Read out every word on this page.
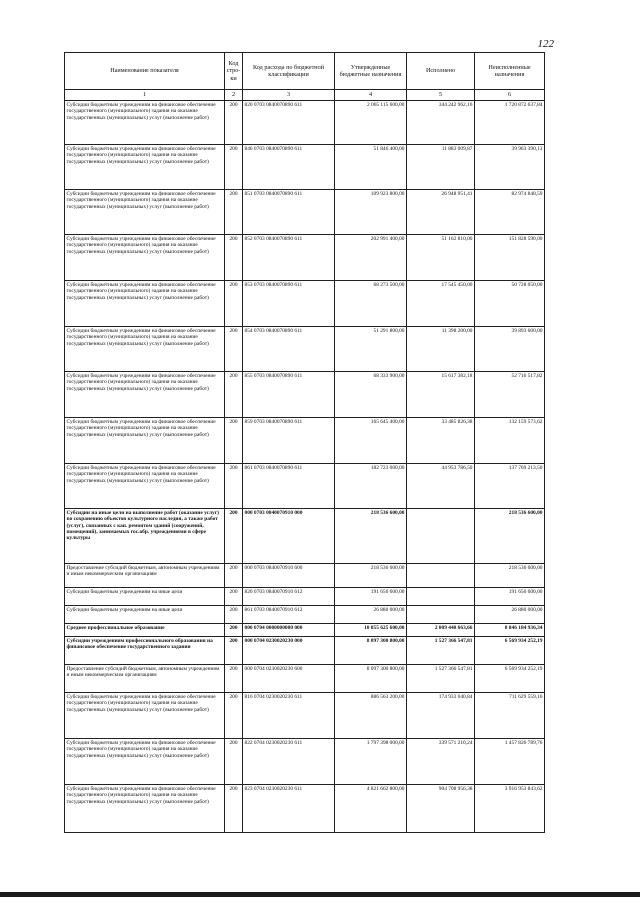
122
Наименование показателя	Код стро-ки	Код расхода по бюджетной классификации	Утвержденные бюджетные назначения	Исполнено	Неисполненные назначения
1	2	3	4	5	6
Субсидии бюджетным учреждениям на финансовое обеспечение государственного (муниципального) задания на оказание государственных (муниципальных) услуг (выполнение работ)	200	820 0703 0840070890 611	2 065 115 600,00	344 242 962,16	1 720 872 637,84
Субсидии бюджетным учреждениям на финансовое обеспечение государственного (муниципального) задания на оказание государственных (муниципальных) услуг (выполнение работ)	200	846 0703 0840070890 611	51 846 400,00	11 883 009,87	39 963 390,13
Субсидии бюджетным учреждениям на финансовое обеспечение государственного (муниципального) задания на оказание государственных (муниципальных) услуг (выполнение работ)	200	851 0703 0840070890 611	109 923 800,00	26 948 951,41	82 974 848,59
Субсидии бюджетным учреждениям на финансовое обеспечение государственного (муниципального) задания на оказание государственных (муниципальных) услуг (выполнение работ)	200	852 0703 0840070890 611	202 991 400,00	51 162 810,00	151 828 590,00
Субсидии бюджетным учреждениям на финансовое обеспечение государственного (муниципального) задания на оказание государственных (муниципальных) услуг (выполнение работ)	200	853 0703 0840070890 611	68 273 500,00	17 545 450,00	50 728 050,00
Субсидии бюджетным учреждениям на финансовое обеспечение государственного (муниципального) задания на оказание государственных (муниципальных) услуг (выполнение работ)	200	854 0703 0840070890 611	51 291 800,00	11 398 200,00	39 893 600,00
Субсидии бюджетным учреждениям на финансовое обеспечение государственного (муниципального) задания на оказание государственных (муниципальных) услуг (выполнение работ)	200	855 0703 0840070890 611	68 333 900,00	15 617 382,18	52 716 517,82
Субсидии бюджетным учреждениям на финансовое обеспечение государственного (муниципального) задания на оказание государственных (муниципальных) услуг (выполнение работ)	200	859 0703 0840070890 611	165 645 400,00	33 485 826,38	132 159 573,62
Субсидии бюджетным учреждениям на финансовое обеспечение государственного (муниципального) задания на оказание государственных (муниципальных) услуг (выполнение работ)	200	861 0703 0840070890 611	182 723 000,00	44 953 786,50	137 769 213,50
Субсидии на иные цели на выполнение работ (оказание услуг) по сохранению объектов культурного наследия, а также работ (услуг), связанных с кап. ремонтом зданий (сооружений, помещений), занимаемых гос.обр. учреждениями в сфере культуры	200	000 0703 0840070910 000	218 536 600,00		218 536 600,00
Предоставление субсидий бюджетным, автономным учреждениям и иным некоммерческим организациям	200	000 0703 0840070910 600	218 536 600,00		218 536 600,00
Субсидии бюджетным учреждениям на иные цели	200	820 0703 0840070910 612	191 656 600,00		191 656 600,00
Субсидии бюджетным учреждениям на иные цели	200	861 0703 0840070910 612	26 880 000,00		26 880 000,00
Среднее профессиональное образование	200	000 0704 0000000000 000	10 855 625 600,00	2 009 440 663,66	8 846 184 936,34
Субсидии учреждениям профессионального образования на финансовое обеспечение государственного задания	200	000 0704 0230020230 000	8 097 300 800,00	1 527 366 547,81	6 569 934 252,19
Предоставление субсидий бюджетным, автономным учреждениям и иным некоммерческим организациям	200	000 0704 0230020230 600	8 097 300 800,00	1 527 366 547,81	6 569 934 252,19
Субсидии бюджетным учреждениям на финансовое обеспечение государственного (муниципального) задания на оказание государственных (муниципальных) услуг (выполнение работ)	200	816 0704 0230020230 611	886 563 200,00	174 933 640,84	711 629 559,16
Субсидии бюджетным учреждениям на финансовое обеспечение государственного (муниципального) задания на оказание государственных (муниципальных) услуг (выполнение работ)	200	822 0704 0230020230 611	1 797 398 000,00	339 571 210,24	1 457 826 789,76
Субсидии бюджетным учреждениям на финансовое обеспечение государственного (муниципального) задания на оказание государственных (муниципальных) услуг (выполнение работ)	200	823 0704 0230020230 611	4 821 662 800,00	904 708 956,38	3 916 953 843,62
